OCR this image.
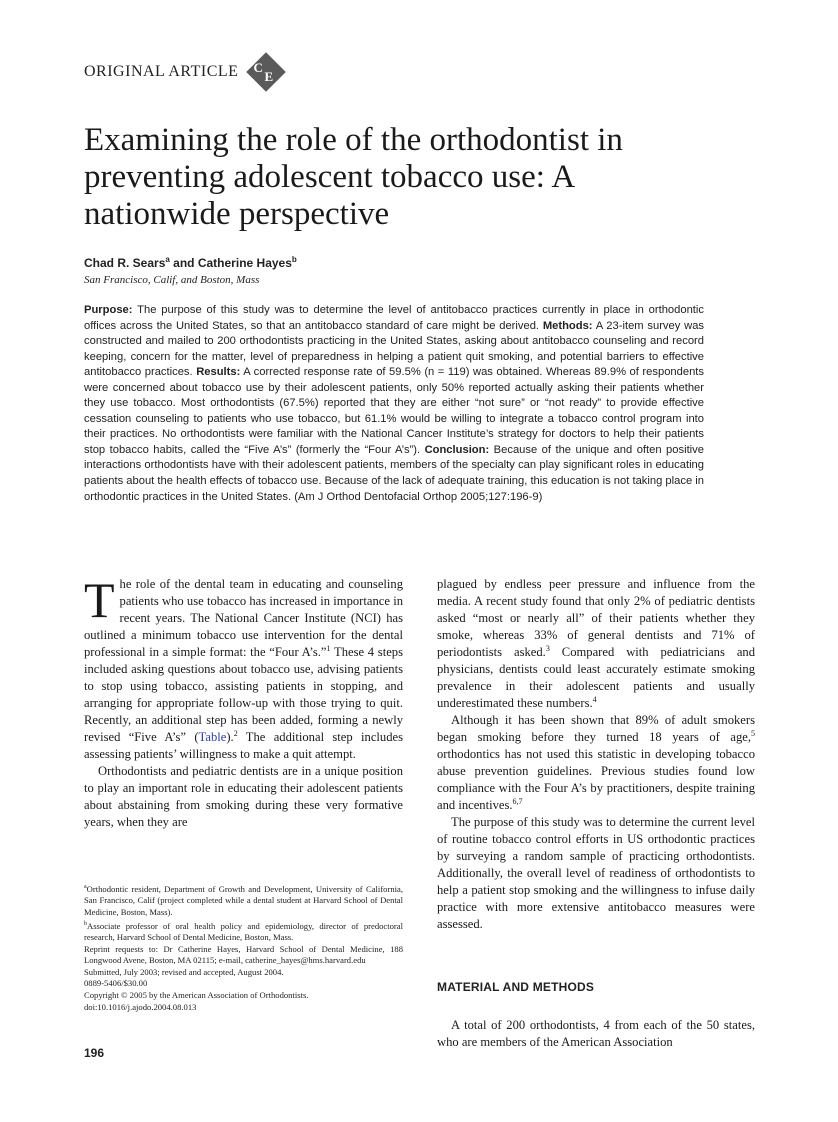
ORIGINAL ARTICLE C
E
Examining the role of the orthodontist in preventing adolescent tobacco use: A nationwide perspective
Chad R. Sears$^a$ and Catherine Hayes$^b$
San Francisco, Calif, and Boston, Mass

Purpose: The purpose of this study was to determine the level of antitobacco practices currently in place in orthodontic offices across the United States, so that an antitobacco standard of care might be derived. Methods: A 23-item survey was constructed and mailed to 200 orthodontists practicing in the United States, asking about antitobacco counseling and record keeping, concern for the matter, level of preparedness in helping a patient quit smoking, and potential barriers to effective antitobacco practices. Results: A corrected response rate of 59.5% (n = 119) was obtained. Whereas 89.9% of respondents were concerned about tobacco use by their adolescent patients, only 50% reported actually asking their patients whether they use tobacco. Most orthodontists (67.5%) reported that they are either “not sure” or “not ready” to provide effective cessation counseling to patients who use tobacco, but 61.1% would be willing to integrate a tobacco control program into their practices. No orthodontists were familiar with the National Cancer Institute’s strategy for doctors to help their patients stop tobacco habits, called the “Five A’s” (formerly the “Four A’s”). Conclusion: Because of the unique and often positive interactions orthodontists have with their adolescent patients, members of the specialty can play significant roles in educating patients about the health effects of tobacco use. Because of the lack of adequate training, this education is not taking place in orthodontic practices in the United States. (Am J Orthod Dentofacial Orthop 2005;127:196-9)

The role of the dental team in educating and counseling patients who use tobacco has increased in importance in recent years. The National Cancer Institute (NCI) has outlined a minimum tobacco use intervention for the dental professional in a simple format: the “Four A’s.”$^1$ These 4 steps included asking questions about tobacco use, advising patients to stop using tobacco, assisting patients in stopping, and arranging for appropriate follow-up with those trying to quit. Recently, an additional step has been added, forming a newly revised “Five A’s” (Table).$^2$ The additional step includes assessing patients’ willingness to make a quit attempt.

Orthodontists and pediatric dentists are in a unique position to play an important role in educating their adolescent patients about abstaining from smoking during these very formative years, when they are

$^a$Orthodontic resident, Department of Growth and Development, University of California, San Francisco, Calif (project completed while a dental student at Harvard School of Dental Medicine, Boston, Mass).

$^b$Associate professor of oral health policy and epidemiology, director of predoctoral research, Harvard School of Dental Medicine, Boston, Mass.

Reprint requests to: Dr Catherine Hayes, Harvard School of Dental Medicine, 188 Longwood Avene, Boston, MA 02115; e-mail, catherine_hayes@hms.harvard.edu

Submitted, July 2003; revised and accepted, August 2004.

0889-5406/$30.00

Copyright © 2005 by the American Association of Orthodontists.

doi:10.1016/j.ajodo.2004.08.013

196

plagued by endless peer pressure and influence from the media. A recent study found that only 2% of pediatric dentists asked “most or nearly all” of their patients whether they smoke, whereas 33% of general dentists and 71% of periodontists asked.$^3$ Compared with pediatricians and physicians, dentists could least accurately estimate smoking prevalence in their adolescent patients and usually underestimated these numbers.$^4$

Although it has been shown that 89% of adult smokers began smoking before they turned 18 years of age,$^5$ orthodontics has not used this statistic in developing tobacco abuse prevention guidelines. Previous studies found low compliance with the Four A’s by practitioners, despite training and incentives.$^{6,7}$

The purpose of this study was to determine the current level of routine tobacco control efforts in US orthodontic practices by surveying a random sample of practicing orthodontists. Additionally, the overall level of readiness of orthodontists to help a patient stop smoking and the willingness to infuse daily practice with more extensive antitobacco measures were assessed.

MATERIAL AND METHODS

A total of 200 orthodontists, 4 from each of the 50 states, who are members of the American Association
